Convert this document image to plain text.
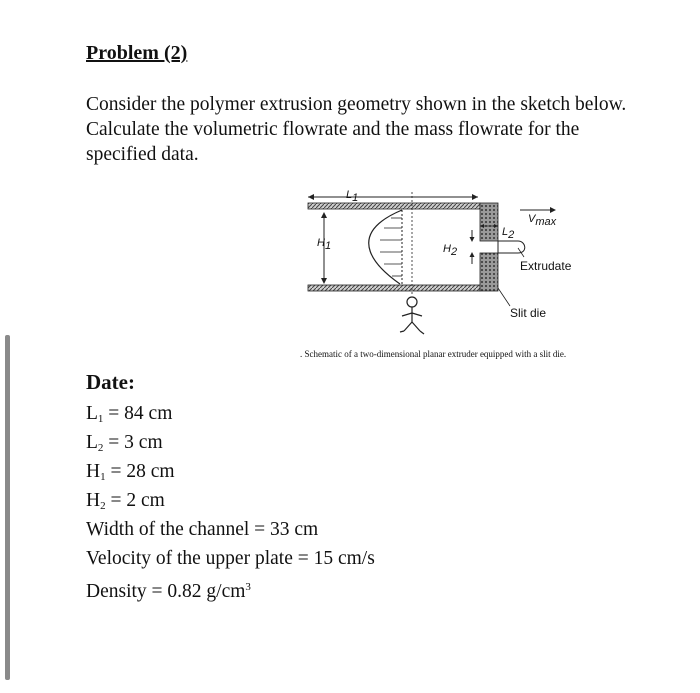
Problem (2)

Consider the polymer extrusion geometry shown in the sketch below. Calculate the volumetric flowrate and the mass flowrate for the specified data.

$L_1$
$H_1$	$H_2$
$L_2$
$V_{max}$
Extrudate
Slit die
. Schematic of a two-dimensional planar extruder equipped with a slit die.
Date:
$L_1 = 84$ cm
$L_2 = 3$ cm
$H_1 = 28$ cm
$H_2 = 2$ cm
Width of the channel = 33 cm
Velocity of the upper plate = 15 cm/s
Density = 0.82 $g/cm^3$
